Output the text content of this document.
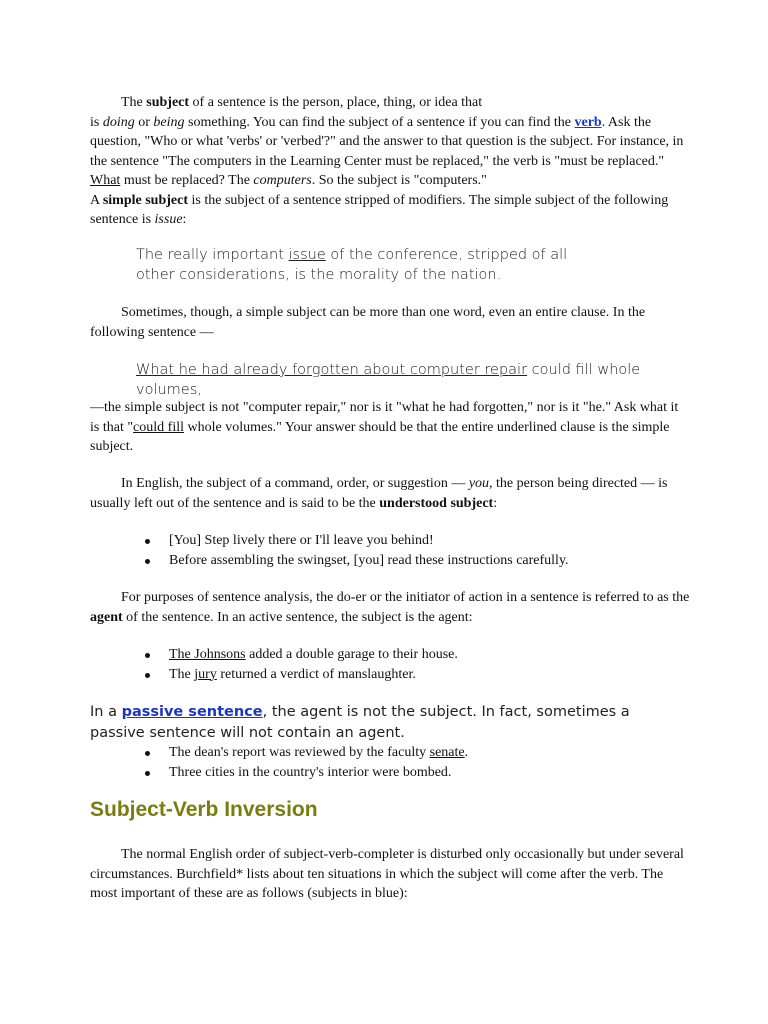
The subject of a sentence is the person, place, thing, or idea that
is doing or being something. You can find the subject of a sentence if you can find the verb. Ask the question, "Who or what 'verbs' or 'verbed'?" and the answer to that question is the subject. For instance, in the sentence "The computers in the Learning Center must be replaced," the verb is "must be replaced." What must be replaced? The computers. So the subject is "computers."
A simple subject is the subject of a sentence stripped of modifiers. The simple subject of the following sentence is issue:
The really important issue of the conference, stripped of all other considerations, is the morality of the nation.
Sometimes, though, a simple subject can be more than one word, even an entire clause. In the following sentence —
What he had already forgotten about computer repair could fill whole volumes,
—the simple subject is not "computer repair," nor is it "what he had forgotten," nor is it "he." Ask what it is that "could fill whole volumes." Your answer should be that the entire underlined clause is the simple subject.
In English, the subject of a command, order, or suggestion — you, the person being directed — is usually left out of the sentence and is said to be the understood subject:
[You] Step lively there or I'll leave you behind!
Before assembling the swingset, [you] read these instructions carefully.
For purposes of sentence analysis, the do-er or the initiator of action in a sentence is referred to as the agent of the sentence. In an active sentence, the subject is the agent:
The Johnsons added a double garage to their house.
The jury returned a verdict of manslaughter.
In a passive sentence, the agent is not the subject. In fact, sometimes a passive sentence will not contain an agent.
The dean's report was reviewed by the faculty senate.
Three cities in the country's interior were bombed.
Subject-Verb Inversion
The normal English order of subject-verb-completer is disturbed only occasionally but under several circumstances. Burchfield* lists about ten situations in which the subject will come after the verb. The most important of these are as follows (subjects in blue):
